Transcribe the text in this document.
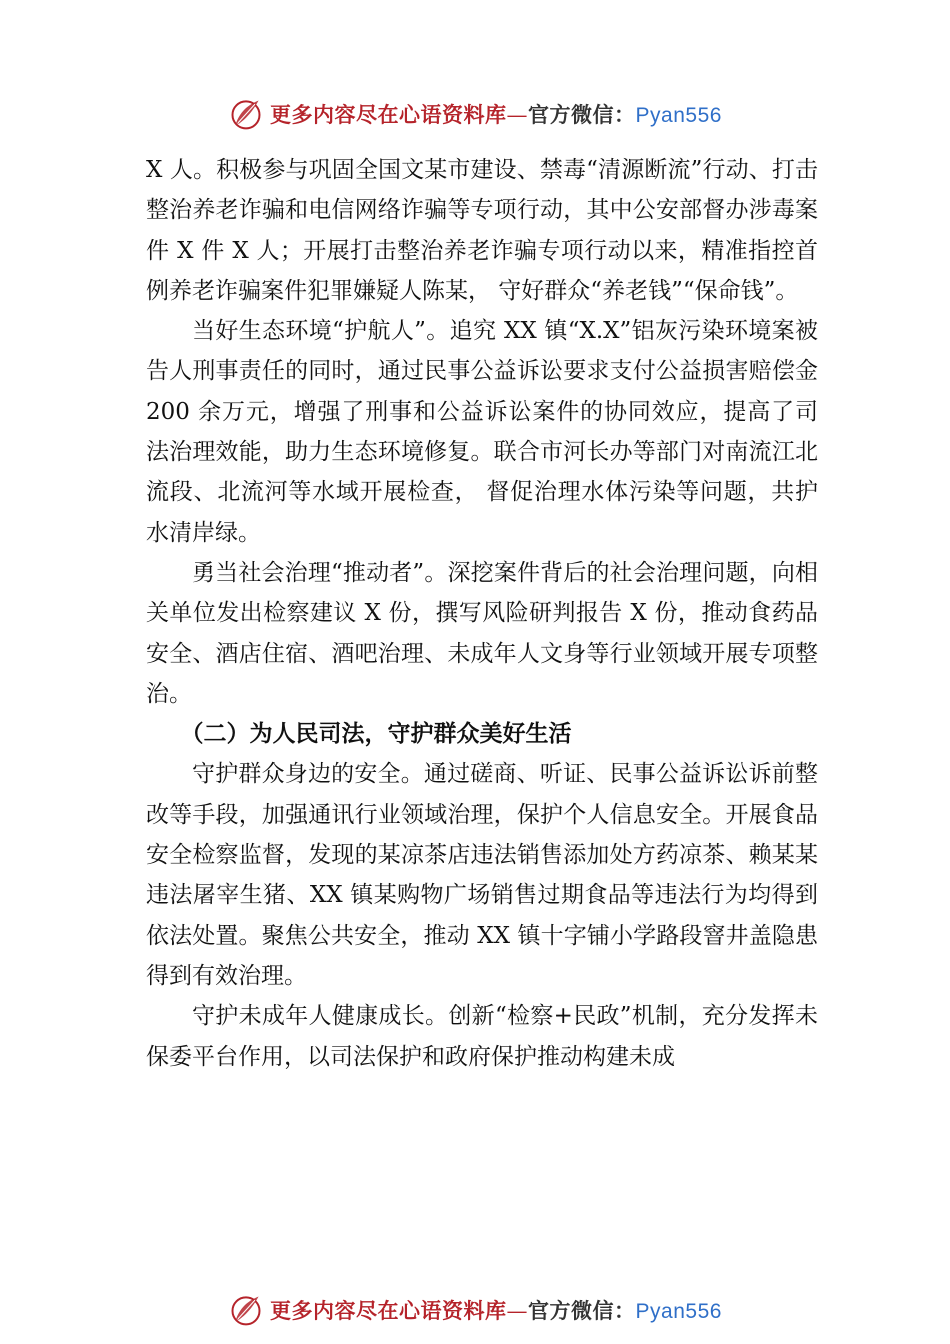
更多内容尽在心语资料库—官方微信：Pyan556

X 人。积极参与巩固全国文某市建设、禁毒“清源断流”行动、打击整治养老诈骗和电信网络诈骗等专项行动，其中公安部督办涉毒案件 X 件 X 人；开展打击整治养老诈骗专项行动以来，精准指控首例养老诈骗案件犯罪嫌疑人陈某， 守好群众“养老钱”“保命钱”。

当好生态环境“护航人”。追究 XX 镇“X.X”铝灰污染环境案被告人刑事责任的同时，通过民事公益诉讼要求支付公益损害赔偿金 200 余万元，增强了刑事和公益诉讼案件的协同效应，提高了司法治理效能，助力生态环境修复。联合市河长办等部门对南流江北流段、北流河等水域开展检查， 督促治理水体污染等问题，共护水清岸绿。

勇当社会治理“推动者”。深挖案件背后的社会治理问题，向相关单位发出检察建议 X 份，撰写风险研判报告 X 份，推动食药品安全、酒店住宿、酒吧治理、未成年人文身等行业领域开展专项整治。

（二）为人民司法，守护群众美好生活

守护群众身边的安全。通过磋商、听证、民事公益诉讼诉前整改等手段，加强通讯行业领域治理，保护个人信息安全。开展食品安全检察监督，发现的某凉茶店违法销售添加处方药凉茶、赖某某违法屠宰生猪、XX 镇某购物广场销售过期食品等违法行为均得到依法处置。聚焦公共安全，推动 XX 镇十字铺小学路段窨井盖隐患得到有效治理。

守护未成年人健康成长。创新“检察+民政”机制，充分发挥未保委平台作用，以司法保护和政府保护推动构建未成

更多内容尽在心语资料库—官方微信：Pyan556
